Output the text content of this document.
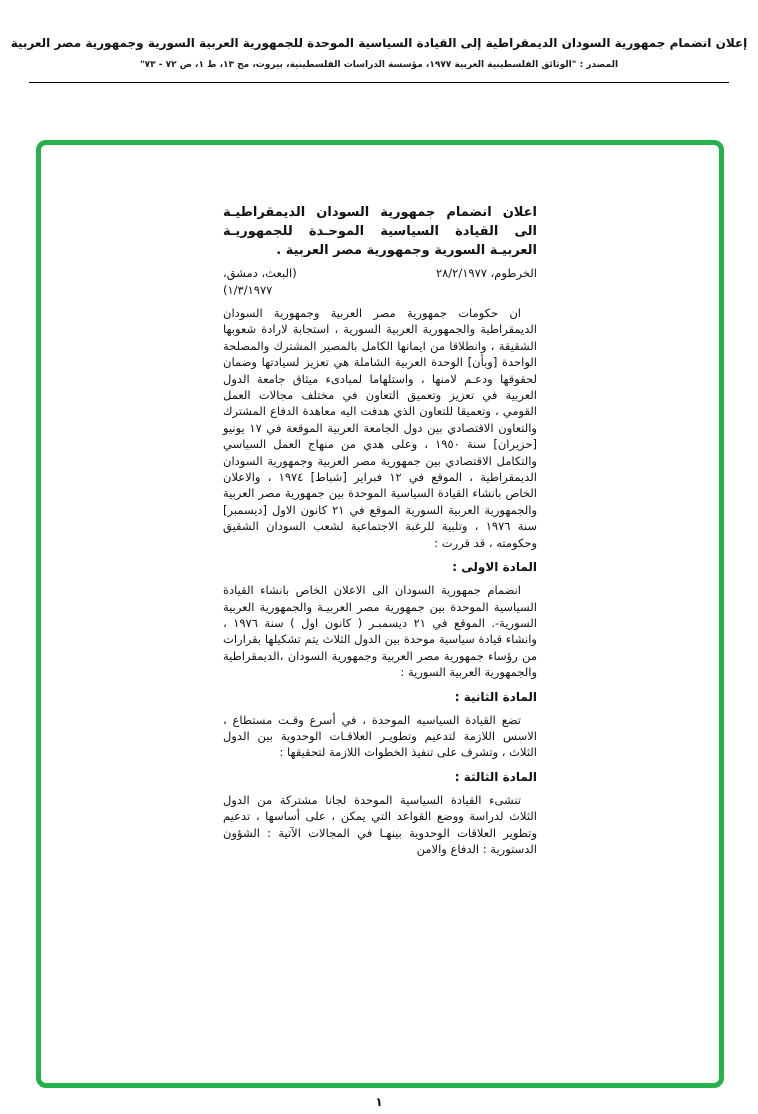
إعلان انضمام جمهورية السودان الديمقراطية إلى القيادة السياسية الموحدة للجمهورية العربية السورية وجمهورية مصر العربية
المصدر : "الوثائق الفلسطينية العربية ١٩٧٧، مؤسسة الدراسات الفلسطينية، بيروت، مج ١٣، ط ١، ص ٧٢ - ٧٣"
اعلان انضمام جمهورية السودان الديمقراطيـة الى القيادة السياسية الموحـدة للجمهوريـة العربيـة السورية وجمهورية مصر العربية .
الخرطوم، ٢٨/٢/١٩٧٧
(البعث، دمشق، ١/٣/١٩٧٧)

ان حكومات جمهورية مصر العربية وجمهورية السودان الديمقراطية والجمهورية العربية السورية ، استجابة لارادة شعوبها الشقيقة ، وانطلاقا من ايمانها الكامل بالمصير المشترك والمصلحة الواحدة [وبأن] الوحدة العربية الشاملة هي تعزيز لسيادتها وضمان لحقوقها ودعـم لامنها ، واستلهاما لمبادىء ميثاق جامعة الدول العربية في تعزيز وتعميق التعاون في مختلف مجالات العمل القومي ، وتعميقا للتعاون الذي هدفت اليه معاهدة الدفاع المشترك والتعاون الاقتصادي بين دول الجامعة العربية الموقعة في ١٧ يونيو [حزيران] سنة ١٩٥٠ ، وعلى هدي من منهاج العمل السياسي والتكامل الاقتصادي بين جمهورية مصر العربية وجمهورية السودان الديمقراطية ، الموقع في ١٢ فبراير [شباط] ١٩٧٤ ، والاعلان الخاص بانشاء القيادة السياسية الموحدة بين جمهورية مصر العربية والجمهورية العربية السورية الموقع في ٢١ كانون الاول [ديسمبر] سنة ١٩٧٦ ، وتلبية للرغبة الاجتماعية لشعب السودان الشقيق وحكومته ، قد قررت :

المادة الاولى :

انضمام جمهورية السودان الى الاعلان الخاص بانشاء القيادة السياسية الموحدة بين جمهورية مصر العربيـة والجمهورية العربية السورية-. الموقع في ٢١ ديسمبـر ( كانون اول ) سنة ١٩٧٦ ، وانشاء قيادة سياسية موحدة بين الدول الثلاث يتم تشكيلها بقرارات من رؤساء جمهورية مصر العربية وجمهورية السودان ،الديمقراطية والجمهورية العربية السورية :

المادة الثانية :

تضع القيادة السياسيه الموحدة ، في أسرع وقـت مستطاع ، الاسس اللازمة لتدعيم وتطويـر العلاقـات الوحدوية بين الدول الثلاث ، وتشرف على تنفيذ الخطوات اللازمة لتحقيقها :

المادة الثالثة :

تنشىء القيادة السياسية الموحدة لجانا مشتركة من الدول الثلاث لدراسة ووضع القواعد التي يمكن ، على أساسها ، تدعيم وتطوير العلاقات الوحدوية بينهـا في المجالات الآتية : الشؤون الدستورية : الدفاع والامن

١
